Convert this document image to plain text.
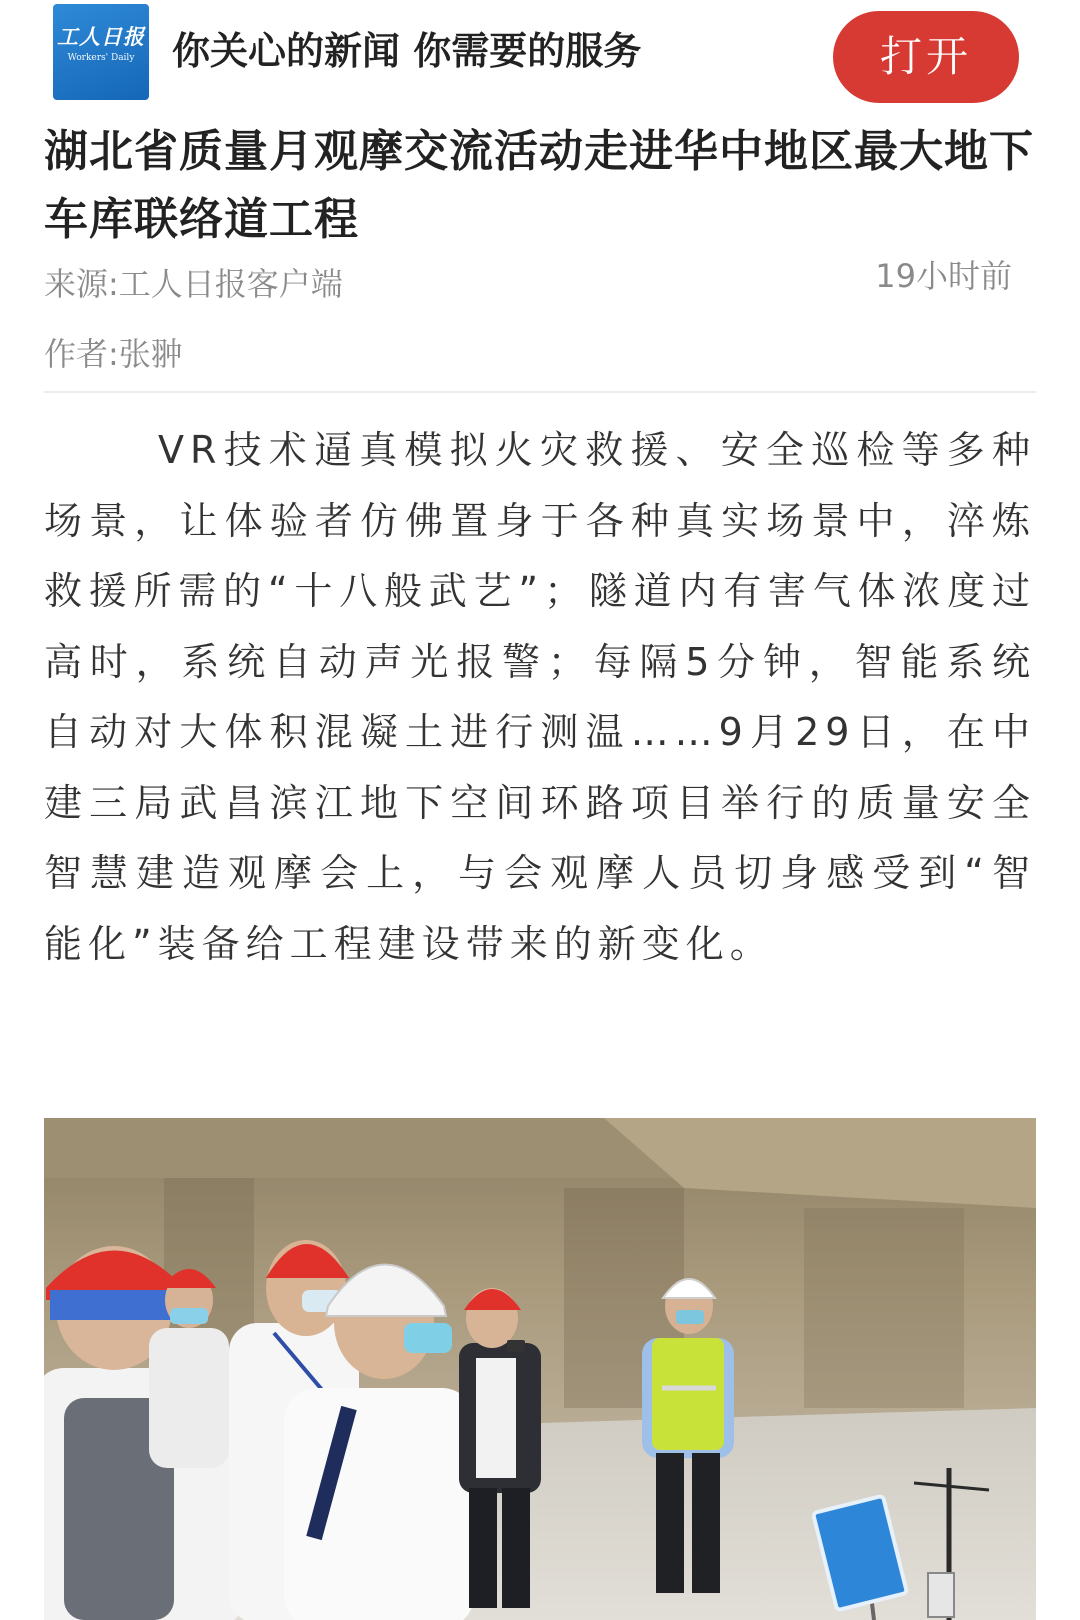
工人日报
Workers' Daily 你关心的新闻 你需要的服务	打开
湖北省质量月观摩交流活动走进华中地区最大地下车库联络道工程
来源:工人日报客户端	19小时前
作者:张翀

VR技术逼真模拟火灾救援、安全巡检等多种场景，让体验者仿佛置身于各种真实场景中，淬炼救援所需的“十八般武艺”；隧道内有害气体浓度过高时，系统自动声光报警；每隔5分钟，智能系统自动对大体积混凝土进行测温……9月29日，在中建三局武昌滨江地下空间环路项目举行的质量安全智慧建造观摩会上，与会观摩人员切身感受到“智能化”装备给工程建设带来的新变化。
